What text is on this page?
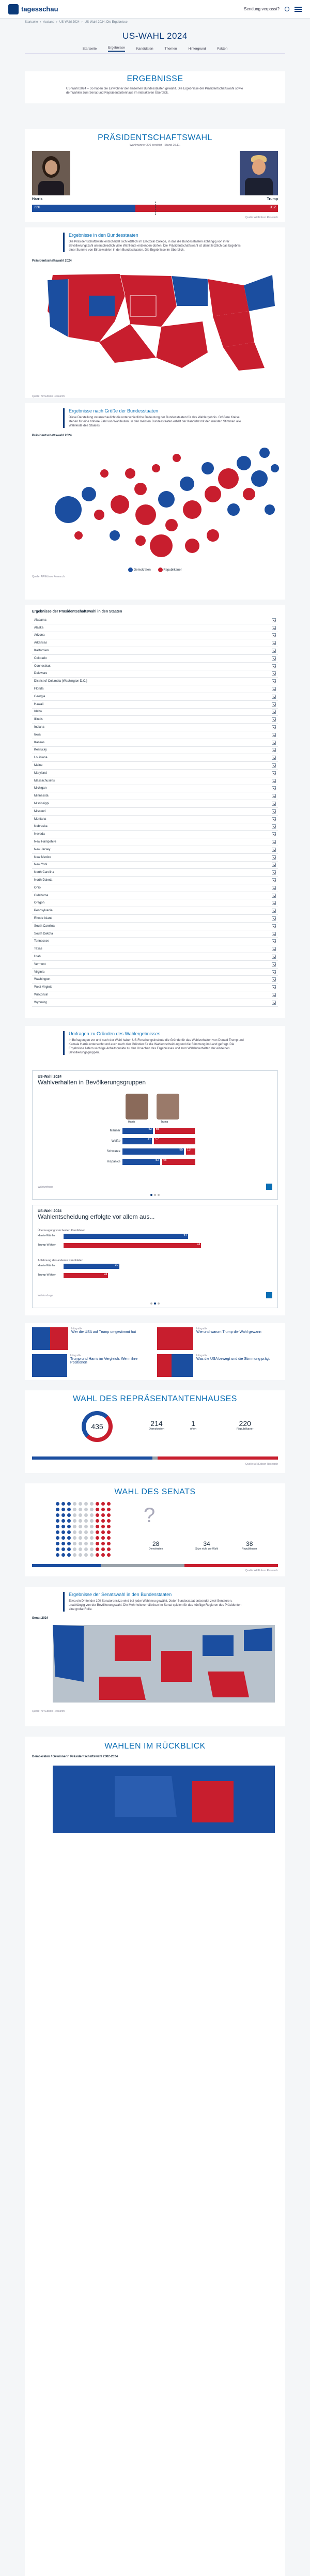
tagesschau	Sendung verpasst?
Startseite › Ausland › US-Wahl 2024 › US-Wahl 2024: Die Ergebnisse
US-WAHL 2024
Startseite	Ergebnisse	Kandidaten	Themen	Hintergrund	Fakten
ERGEBNISSE
US-Wahl 2024 – So haben die Einwohner der einzelnen Bundesstaaten gewählt. Die Ergebnisse der Präsidentschaftswahl sowie der Wahlen zum Senat und Repräsentantenhaus im interaktiven Überblick.
PRÄSIDENTSCHAFTSWAHL
Wahlmänner 270 benötigt · Stand 20.11.
Harris	Trump
226	312
Quelle: AP/Edison Research
Ergebnisse in den Bundesstaaten
Die Präsidentschaftswahl entscheidet sich letztlich im Electoral College, in das die Bundesstaaten abhängig von ihrer Bevölkerungszahl unterschiedlich viele Wahlleute entsenden dürfen. Die Präsidentschaftswahl ist damit letztlich das Ergebnis einer Summe von Einzelwahlen in den Bundesstaaten. Die Ergebnisse im Überblick.
Präsidentschaftswahl 2024
Quelle: AP/Edison Research
Ergebnisse nach Größe der Bundesstaaten
Diese Darstellung veranschaulicht die unterschiedliche Bedeutung der Bundesstaaten für das Wahlergebnis. Größere Kreise stehen für eine höhere Zahl von Wahlleuten. In den meisten Bundesstaaten erhält der Kandidat mit den meisten Stimmen alle Wahlleute des Staates.
Präsidentschaftswahl 2024
Demokraten	Republikaner
Quelle: AP/Edison Research
Ergebnisse der Präsidentschaftswahl in den Staaten
Alabama
Alaska
Arizona
Arkansas
Kalifornien
Colorado
Connecticut
Delaware
District of Columbia (Washington D.C.)
Florida
Georgia
Hawaii
Idaho
Illinois
Indiana
Iowa
Kansas
Kentucky
Louisiana
Maine
Maryland
Massachusetts
Michigan
Minnesota
Mississippi
Missouri
Montana
Nebraska
Nevada
New Hampshire
New Jersey
New Mexico
New York
North Carolina
North Dakota
Ohio
Oklahoma
Oregon
Pennsylvania
Rhode Island
South Carolina
South Dakota
Tennessee
Texas
Utah
Vermont
Virginia
Washington
West Virginia
Wisconsin
Wyoming
Umfragen zu Gründen des Wahlergebnisses
In Befragungen vor und nach der Wahl haben US-Forschungsinstitute die Gründe für das Wahlverhalten von Donald Trump und Kamala Harris untersucht und auch nach den Gründen für die Wahlentscheidung und die Stimmung im Land gefragt. Die Ergebnisse liefern wichtige Anhaltspunkte zu den Ursachen des Ergebnisses und zum Wählerverhalten der einzelnen Bevölkerungsgruppen.
US-Wahl 2024
Wahlverhalten in Bevölkerungsgruppen
Harris	Trump
Männer	42	55
Weiße	41	57
Schwarze	85	13
Hispanics	52	46
Wahlumfrage
US-Wahl 2024
Wahlentscheidung erfolgte vor allem aus...
Überzeugung vom besten Kandidaten
Ablehnung des anderen Kandidaten
Harris-Wähler	67
Trump-Wähler	74
Harris-Wähler	30
Trump-Wähler	24
Wahlumfrage
Infografik
Wer die USA auf Trump umgestimmt hat
Infografik
Wie und warum Trump die Wahl gewann
Infografik
Trump und Harris im Vergleich: Wenn ihre Positionen
Infografik
Was die USA bewegt und die Stimmung prägt
WAHL DES REPRÄSENTANTENHAUSES
435	214
Demokraten
1
offen
220
Republikaner
Quelle: AP/Edison Research
WAHL DES SENATS
?
28
Demokraten
34
Sitze nicht zur Wahl
38
Republikaner
Quelle: AP/Edison Research
Ergebnisse der Senatswahl in den Bundesstaaten
Etwa ein Drittel der 100 Senatorensitze wird bei jeder Wahl neu gewählt. Jeder Bundesstaat entsendet zwei Senatoren, unabhängig von der Bevölkerungszahl. Die Mehrheitsverhältnisse im Senat spielen für das künftige Regieren des Präsidenten eine große Rolle.
Senat 2024
Quelle: AP/Edison Research
WAHLEN IM RÜCKBLICK
Demokraten / Gewinnerin Präsidentschaftswahl 2002-2024
